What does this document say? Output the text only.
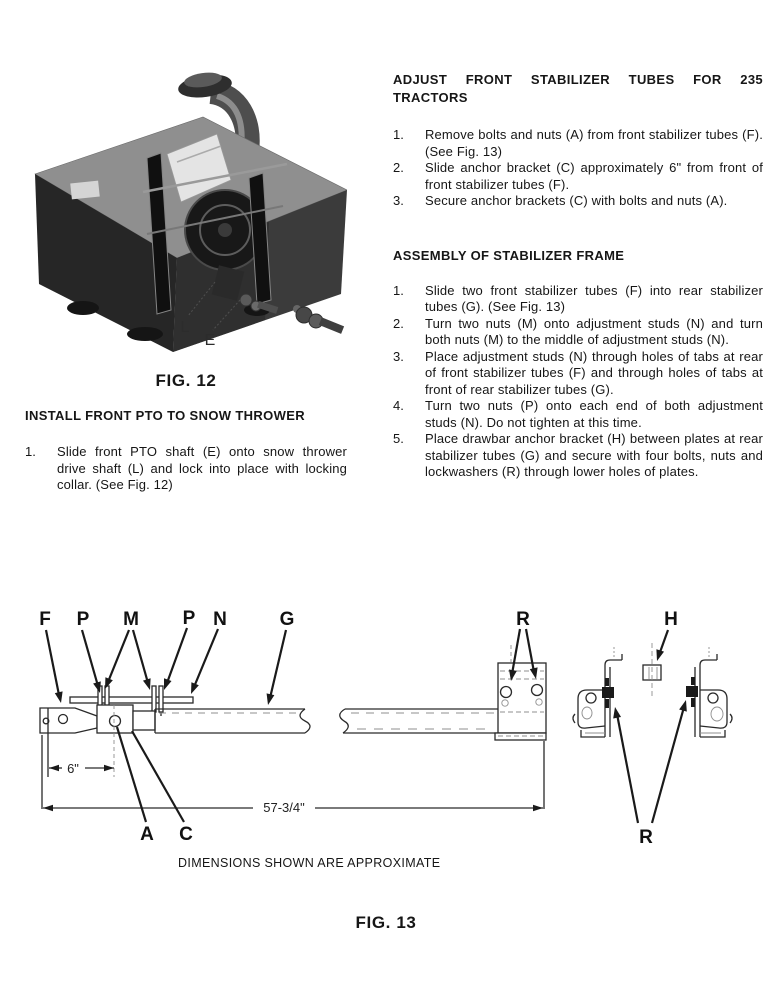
L
E
FIG. 12
INSTALL FRONT PTO TO SNOW THROWER
1.	Slide front PTO shaft (E) onto snow thrower drive shaft (L) and lock into place with locking collar. (See Fig. 12)
ADJUST FRONT STABILIZER TUBES FOR 235 TRACTORS
1.	Remove bolts and nuts (A) from front stabilizer tubes (F). (See Fig. 13)
2.	Slide anchor bracket (C) approximately 6" from front of front stabilizer tubes (F).
3.	Secure anchor brackets (C) with bolts and nuts (A).
ASSEMBLY OF STABILIZER FRAME
1.	Slide two front stabilizer tubes (F) into rear stabilizer tubes (G). (See Fig. 13)
2.	Turn two nuts (M) onto adjustment studs (N) and turn both nuts (M) to the middle of adjustment studs (N).
3.	Place adjustment studs (N) through holes of tabs at rear of front stabilizer tubes (F) and through holes of tabs at front of rear stabilizer tubes (G).
4.	Turn two nuts (P) onto each end of both adjustment studs (N). Do not tighten at this time.
5.	Place drawbar anchor bracket (H) between plates at rear stabilizer tubes (G) and secure with four bolts, nuts and lockwashers (R) through lower holes of plates.
6"
57-3/4"
F P M P N	G	R	H
A C	R
DIMENSIONS SHOWN ARE APPROXIMATE
FIG. 13
